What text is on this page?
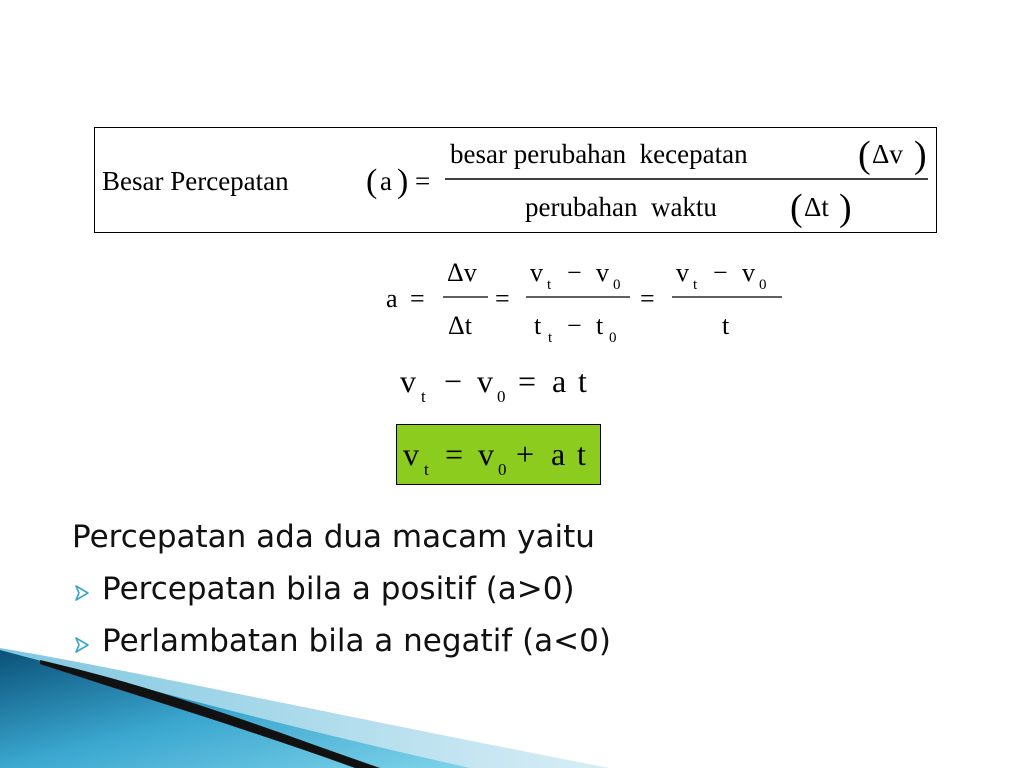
Besar Percepatan ( a ) =
besar perubahan  kecepatan	( Δv )
perubahan  waktu ( Δt )
a =
Δv
Δt
=
v t − v 0
t t − t 0
=
v t − v 0
t
v t − v 0 = a t
v t = v 0 + a t
Percepatan ada dua macam yaitu
Percepatan bila a positif (a>0)
Perlambatan bila a negatif (a<0)
